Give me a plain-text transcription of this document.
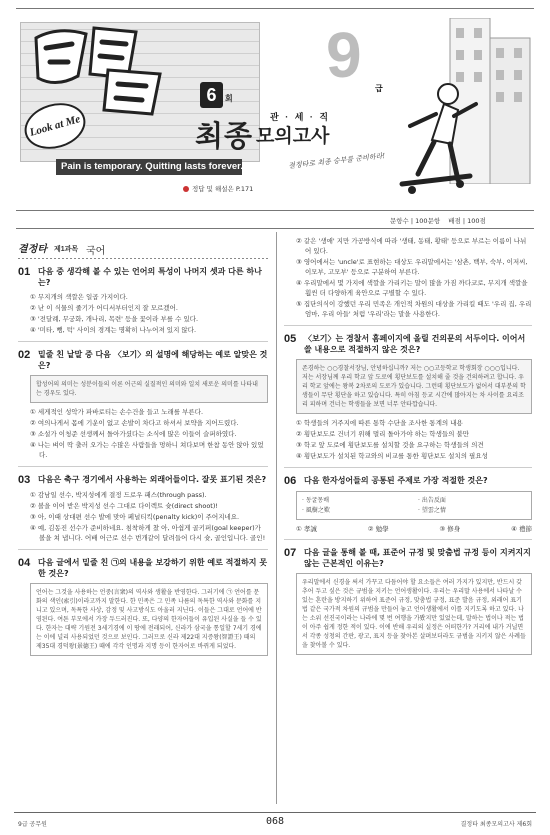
Look at Me
Pain is temporary. Quitting lasts forever.
6	회
관 · 세 · 직
최종 모의고사
결정타로 최종 승부를 준비하라!
9 급
정답 및 해설은 P.171
문항수 | 100문항 배점 | 100점
결정타 제1과목 국어
01 다음 중 생각해 볼 수 있는 언어의 특성이 나머지 셋과 다른 하나는?
① 무지개의 색깔은 일곱 가지이다.
② 난 이 식물의 줄기가 어디서부터인지 잘 모르겠어.
③ '전달례, 무궁화, 개나리, 목련' 등을 꽃이라 부를 수 있다.
④ '미타, 뺑, 턱' 사이의 경계는 명확히 나누어져 있지 않다.
02 밑줄 친 낱말 중 다음 〈보기〉의 설명에 해당하는 예로 알맞은 것은?
합성어의 의미는 성분이들의 이론 어근의 실질적인 의미와 일치 새로운 의미를 나타내는 경우도 있다.
① 세게적인 성악가 파바로티는 손수건을 들고 노래를 부른다.
② 여의나게서 몸에 기운이 없고 손발이 차다고 하셔서 보약을 지어드렸다.
③ 소설가 이청준 선생께서 돌아가셨다는 소식에 많은 이들이 슬퍼하였다.
④ 나는 벼이 딱 출러 오가는 수많은 사람들을 멍하니 쳐다보며 한참 동안 앉아 있었다.
03 다음은 축구 경기에서 사용하는 외래어들이다. 잘못 표기된 것은?
① 감남일 선수, 박지성에게 결정 드로우 패스(through pass).
② 볼을 이어 받은 박지성 선수 그대로 다이렉트 슛(direct shoot)!
③ 아, 이때 상대편 선수 발에 맞아 페널티킥(penalty kick)이 주어지네요.
④ 예, 김동진 선수가 준비하네요. 침착하게 찼 아, 아쉽게 골키퍼(goal keeper)가 볼을 쳐 냅니다. 어배 어근로 선수 번개같이 달려들어 다시 슛, 골인입니다. 골인!
04 다음 글에서 밑줄 친 ㉠의 내용을 보강하기 위한 예로 적절하지 못한 것은?
언어는 그것을 사용하는 언중(言衆)의 역사와 생활을 반영한다. 그러기에 ㉠ 언어를 문화의 색인(索引)이라고까지 말한다. 한 민족은 그 민족 나름의 독특한 역사와 문화를 지니고 있으며, 독특한 사상, 감정 및 사고방식도 아울러 지닌다. 이들은 그대로 언어에 반영된다. 여튼 부모에서 가장 두드러진다. 또, 다양의 한자어들이 유입된 사실을 들 수 있다. 한자는 대략 기원전 3세기경에 이 땅에 전래되어, 신라가 삼국을 통일할 7세기 경에는 이에 널리 사용되었던 것으로 보인다. 그러므로 신라 제22대 지증왕(智證王) 때의 제35대 경덕왕(景德王) 때에 각각 인명과 지명 등이 한자어로 바뀌게 되었다.
② 같은 '생애' 지만 가공방식에 따라 '생태, 동태, 황태' 등으로 부르는 이름이 나뉘어 있다.
③ 영어에서는 'uncle'로 표현하는 대상도 우리말에서는 '삼촌, 백부, 숙부, 이저씨, 이모부, 고모부' 등으로 구분하여 부른다.
④ 우리말에서 몇 가지에 색깔을 가리키는 말이 많을 가짐 까다코로, 무지개 색깔을 훨씬 더 다양하게 육안으로 구별할 수 있다.
⑤ 집단의식이 강했던 우리 민족은 개인적 차원의 대상을 가리킬 때도 '우리 집, 우리 엄마, 우리 아들' 처럼 '우리'라는 말을 사용한다.
05 〈보기〉는 경찰서 홈페이지에 올릴 건의문의 서두이다. 이어서 쓸 내용으로 적절하지 않은 것은?
존경하는 ○○경찰서장님, 안녕하십니까? 저는 ○○고등학교 학생회장 ○○○입니다. 저는 서장님께 우리 학교 앞 도로에 횡단보도를 설치해 줄 것을 건의하려고 합니다. 우리 학교 앞에는 왕복 2차로의 도로가 있습니다. 그런데 횡단보도가 없어서 대부분의 학생들이 무단 횡단을 하고 있습니다. 특히 아침 등교 시간에 많아지는 차 사이를 요리조리 피하며 건너는 학생들을 보면 너무 안타깝습니다.
① 학생들의 거주지에 따른 통학 수단을 조사한 통계의 내용
② 횡단보도로 건너기 위해 멀리 돌아가야 하는 학생들의 불만
③ 학교 앞 도로에 횡단보도를 설치할 것을 요구하는 학생들의 의견
④ 횡단보도가 설치된 학교와의 비교를 통한 횡단보도 설치의 필요성
06 다음 한자성어들의 공통된 주제로 가장 적절한 것은?
· 동굴몽배	· 出告反面
· 風樹之歎	· 望雲之情
① 孝誠	② 勉學	③ 修身	④ 禮節
07 다음 글을 통해 볼 때, 표준어 규정 및 맞춤법 규정 등이 지켜지지 않는 근본적인 이유는?
우리말에서 신경을 써서 가꾸고 다듬어야 할 요소들은 여러 가지가 있지만, 반드시 갖추어 두고 싶은 것은 규범을 지키는 언어생활이다. 우리는 우리말 사용에서 나타날 수 있는 혼란을 방지하기 위하여 표준어 규정, 맞춤법 규정, 표준 발음 규정, 외래어 표기법 같은 국가적 차원의 규범을 만들어 놓고 언어생활에서 이를 지키도록 하고 있다. 나는 소위 선진국이라는 나라에 몇 번 여행을 가봤지만 있었는데, 말하는 법이나 적는 법이 아주 쉽게 정한 적이 있다. 이에 반해 우리의 실정은 어떠한가? 거리에 내가 거닐면서 각종 성청의 간판, 광고, 표지 등을 찾아본 살펴보더라도 규범을 지키지 않은 사례들을 찾아볼 수 있다.
9급 공무원	068	결정타 최종모의고사 제6회
